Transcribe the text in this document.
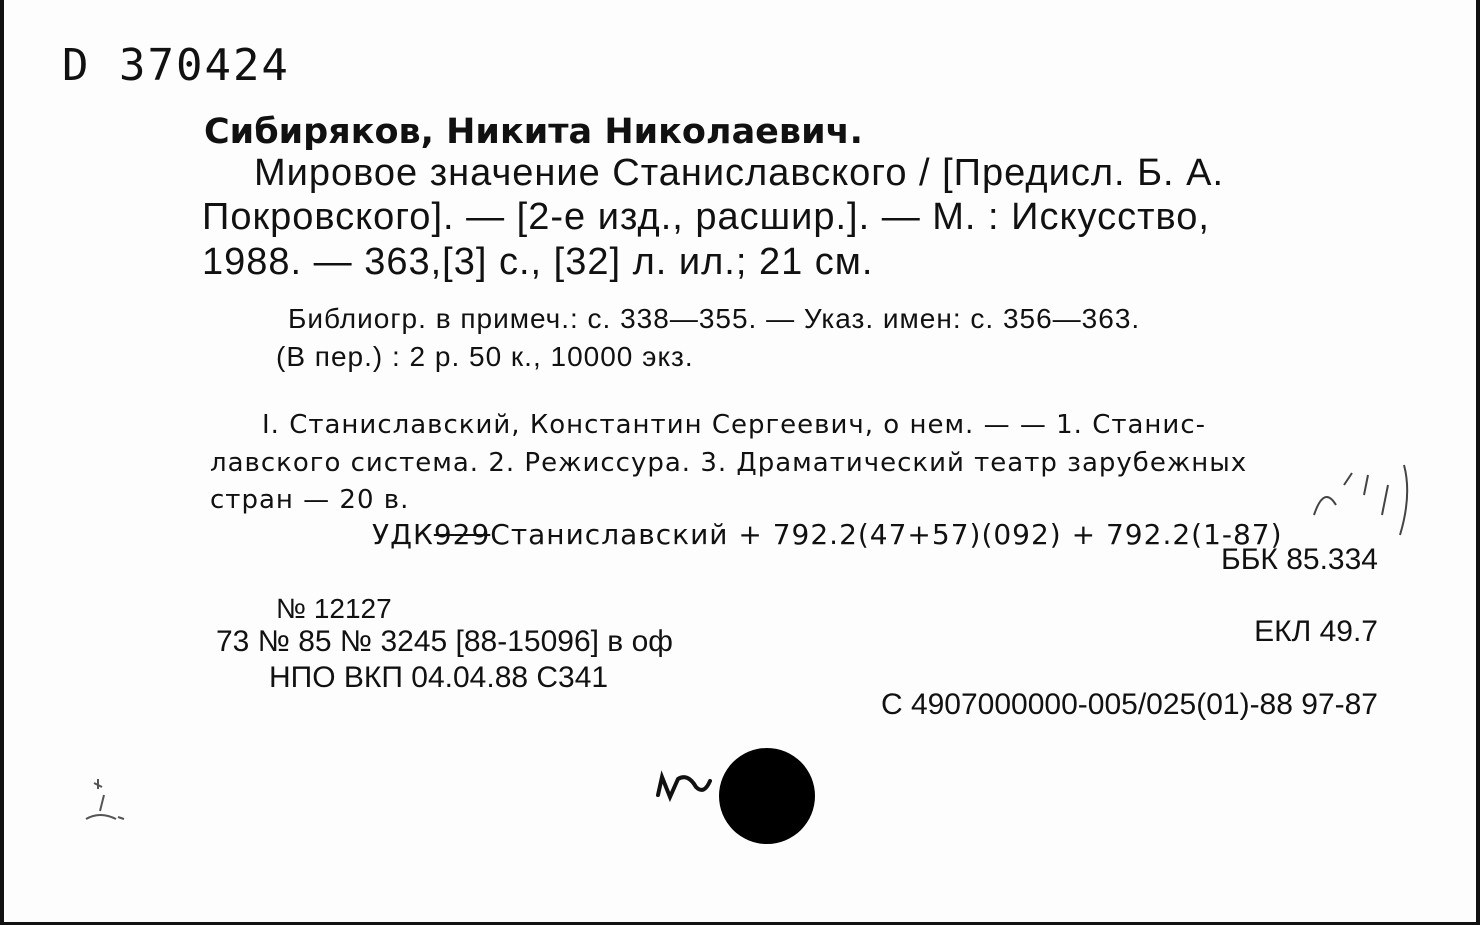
D 370424
Сибиряков, Никита Николаевич.
Мировое значение Станиславского / [Предисл. Б. А.
Покровского]. — [2-е изд., расшир.]. — М. : Искусство,
1988. — 363,[3] с., [32] л. ил.; 21 см.
Библиогр. в примеч.: с. 338—355. — Указ. имен: с. 356—363.
(В пер.) : 2 р. 50 к., 10000 экз.
I. Станиславский, Константин Сергеевич, о нем. — — 1. Станис-
лавского система. 2. Режиссура. 3. Драматический театр зарубежных
стран — 20 в.
УДК929Станиславский + 792.2(47+57)(092) + 792.2(1-87)
ББК 85.334
№ 12127
73 № 85 № 3245 [88-15096] в оф
НПО ВКП 04.04.88 С341
ЕКЛ 49.7
С 4907000000-005/025(01)-88 97-87
